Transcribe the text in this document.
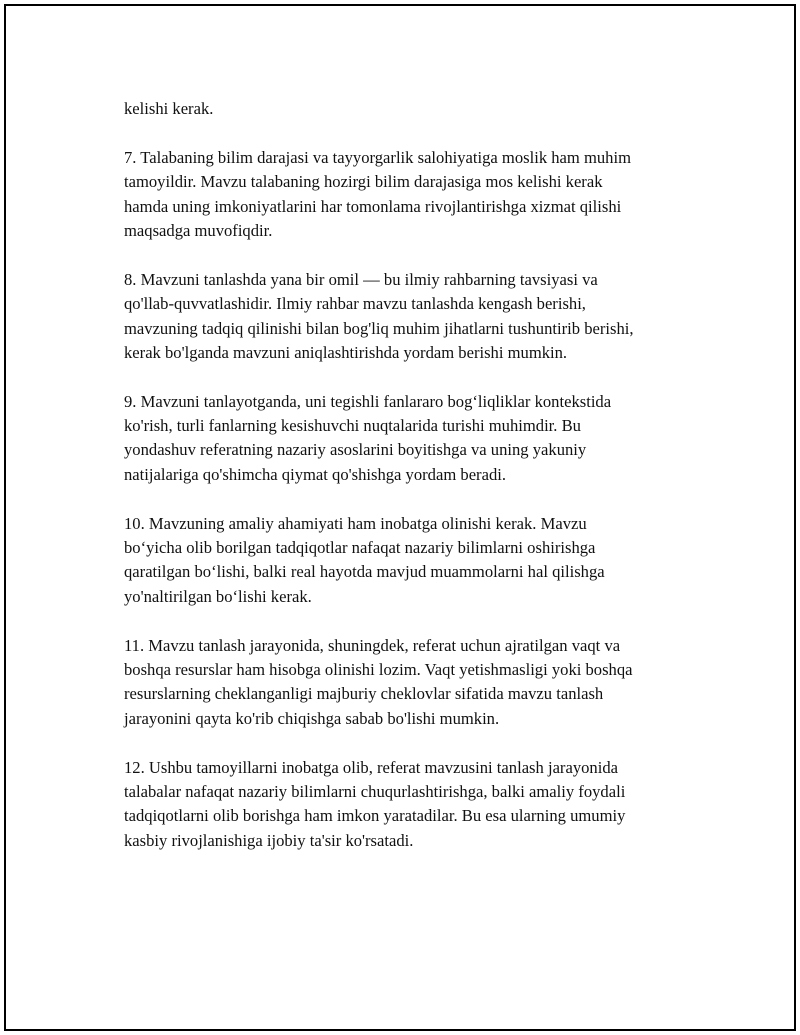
kelishi kerak.

7. Talabaning bilim darajasi va tayyorgarlik salohiyatiga moslik ham muhim
tamoyildir. Mavzu talabaning hozirgi bilim darajasiga mos kelishi kerak
hamda uning imkoniyatlarini har tomonlama rivojlantirishga xizmat qilishi
maqsadga muvofiqdir.

8. Mavzuni tanlashda yana bir omil — bu ilmiy rahbarning tavsiyasi va
qo'llab-quvvatlashidir. Ilmiy rahbar mavzu tanlashda kengash berishi,
mavzuning tadqiq qilinishi bilan bog'liq muhim jihatlarni tushuntirib berishi,
kerak bo'lganda mavzuni aniqlashtirishda yordam berishi mumkin.

9. Mavzuni tanlayotganda, uni tegishli fanlararo bog‘liqliklar kontekstida
ko'rish, turli fanlarning kesishuvchi nuqtalarida turishi muhimdir. Bu
yondashuv referatning nazariy asoslarini boyitishga va uning yakuniy
natijalariga qo'shimcha qiymat qo'shishga yordam beradi.

10. Mavzuning amaliy ahamiyati ham inobatga olinishi kerak. Mavzu
bo‘yicha olib borilgan tadqiqotlar nafaqat nazariy bilimlarni oshirishga
qaratilgan bo‘lishi, balki real hayotda mavjud muammolarni hal qilishga
yo'naltirilgan bo‘lishi kerak.

11. Mavzu tanlash jarayonida, shuningdek, referat uchun ajratilgan vaqt va
boshqa resurslar ham hisobga olinishi lozim. Vaqt yetishmasligi yoki boshqa
resurslarning cheklanganligi majburiy cheklovlar sifatida mavzu tanlash
jarayonini qayta ko'rib chiqishga sabab bo'lishi mumkin.

12. Ushbu tamoyillarni inobatga olib, referat mavzusini tanlash jarayonida
talabalar nafaqat nazariy bilimlarni chuqurlashtirishga, balki amaliy foydali
tadqiqotlarni olib borishga ham imkon yaratadilar. Bu esa ularning umumiy
kasbiy rivojlanishiga ijobiy ta'sir ko'rsatadi.
